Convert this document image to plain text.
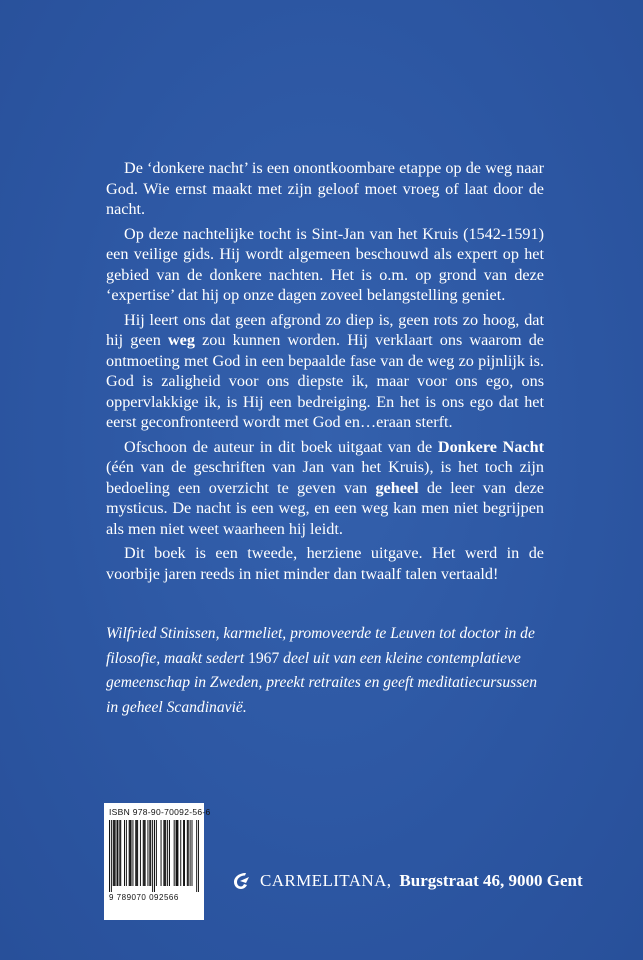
De ‘donkere nacht’ is een onontkoombare etappe op de weg naar God. Wie ernst maakt met zijn geloof moet vroeg of laat door de nacht.

Op deze nachtelijke tocht is Sint-Jan van het Kruis (1542-1591) een veilige gids. Hij wordt algemeen beschouwd als expert op het gebied van de donkere nachten. Het is o.m. op grond van deze ‘expertise’ dat hij op onze dagen zoveel belangstelling geniet.

Hij leert ons dat geen afgrond zo diep is, geen rots zo hoog, dat hij geen weg zou kunnen worden. Hij verklaart ons waarom de ontmoeting met God in een bepaalde fase van de weg zo pijnlijk is. God is zaligheid voor ons diepste ik, maar voor ons ego, ons oppervlakkige ik, is Hij een bedreiging. En het is ons ego dat het eerst geconfronteerd wordt met God en…eraan sterft.

Ofschoon de auteur in dit boek uitgaat van de Donkere Nacht (één van de geschriften van Jan van het Kruis), is het toch zijn bedoeling een overzicht te geven van geheel de leer van deze mysticus. De nacht is een weg, en een weg kan men niet begrijpen als men niet weet waarheen hij leidt.

Dit boek is een tweede, herziene uitgave. Het werd in de voorbije jaren reeds in niet minder dan twaalf talen vertaald!

Wilfried Stinissen, karmeliet, promoveerde te Leuven tot doctor in de filosofie, maakt sedert 1967 deel uit van een kleine contemplatieve gemeenschap in Zweden, preekt retraites en geeft meditatiecursussen in geheel Scandinavië.
ISBN 978-90-70092-56-6
9 789070 092566
CARMELITANA, Burgstraat 46, 9000 Gent
